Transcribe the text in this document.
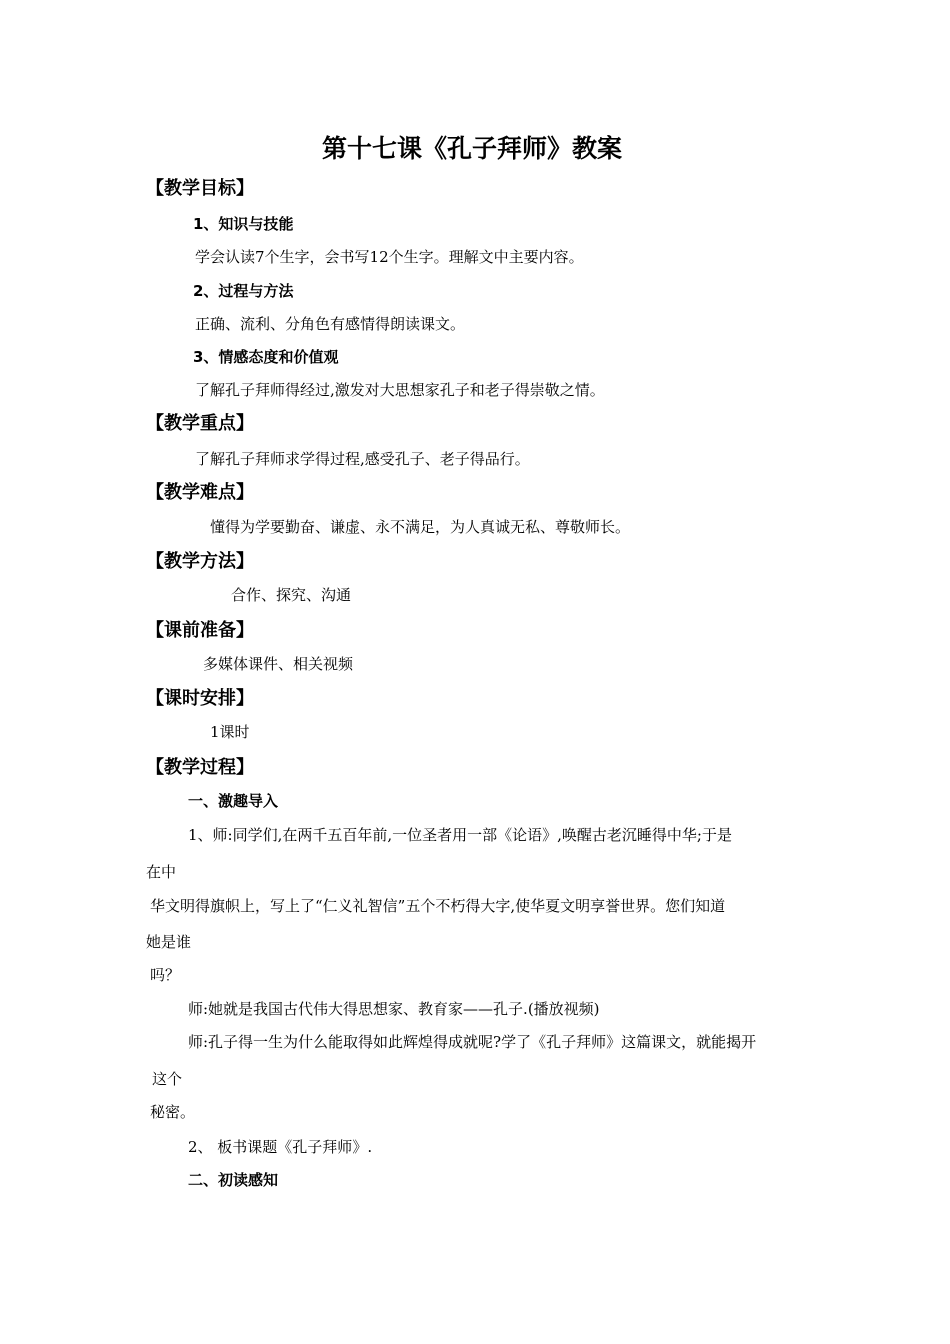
第十七课《孔子拜师》教案
【教学目标】
1、知识与技能
学会认读7个生字，会书写12个生字。理解文中主要内容。
2、过程与方法
正确、流利、分角色有感情得朗读课文。
3、情感态度和价值观
了解孔子拜师得经过,激发对大思想家孔子和老子得崇敬之情。
【教学重点】
了解孔子拜师求学得过程,感受孔子、老子得品行。
【教学难点】
懂得为学要勤奋、谦虚、永不满足，为人真诚无私、尊敬师长。
【教学方法】
合作、探究、沟通
【课前准备】
多媒体课件、相关视频
【课时安排】
1课时
【教学过程】
一、激趣导入
1、师:同学们,在两千五百年前,一位圣者用一部《论语》,唤醒古老沉睡得中华;于是
在中
华文明得旗帜上，写上了“仁义礼智信”五个不朽得大字,使华夏文明享誉世界。您们知道
她是谁
吗？
师:她就是我国古代伟大得思想家、教育家——孔子.(播放视频)
师:孔子得一生为什么能取得如此辉煌得成就呢?学了《孔子拜师》这篇课文，就能揭开
这个
秘密。
2、 板书课题《孔子拜师》.
二、初读感知
